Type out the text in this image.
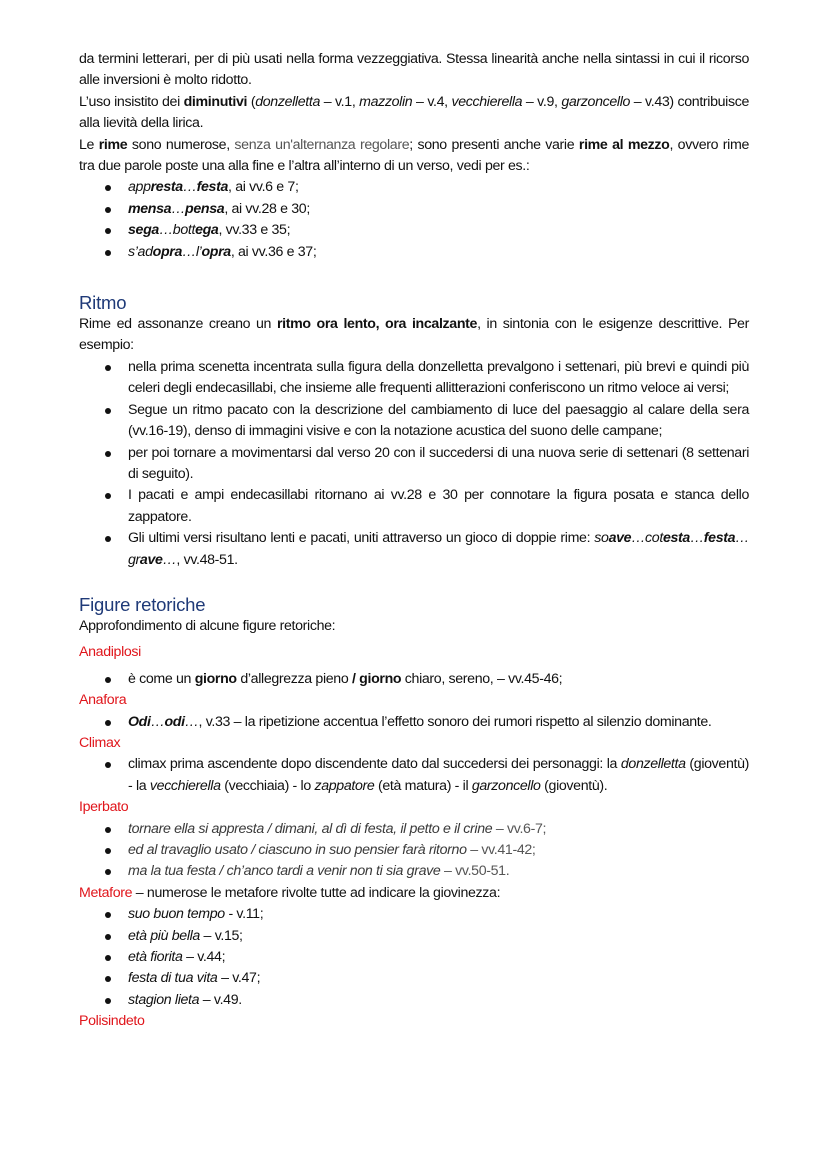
da termini letterari, per di più usati nella forma vezzeggiativa. Stessa linearità anche nella sintassi in cui il ricorso alle inversioni è molto ridotto.

L’uso insistito dei diminutivi (donzelletta – v.1, mazzolin – v.4, vecchierella – v.9, garzoncello – v.43) contribuisce alla lievità della lirica.

Le rime sono numerose, senza un'alternanza regolare; sono presenti anche varie rime al mezzo, ovvero rime tra due parole poste una alla fine e l’altra all’interno di un verso, vedi per es.:

appresta…festa, ai vv.6 e 7;
mensa…pensa, ai vv.28 e 30;
sega…bottega, vv.33 e 35;
s’adopra…l’opra, ai vv.36 e 37;
Ritmo

Rime ed assonanze creano un ritmo ora lento, ora incalzante, in sintonia con le esigenze descrittive. Per esempio:

nella prima scenetta incentrata sulla figura della donzelletta prevalgono i settenari, più brevi e quindi più celeri degli endecasillabi, che insieme alle frequenti allitterazioni conferiscono un ritmo veloce ai versi;
Segue un ritmo pacato con la descrizione del cambiamento di luce del paesaggio al calare della sera (vv.16-19), denso di immagini visive e con la notazione acustica del suono delle campane;
per poi tornare a movimentarsi dal verso 20 con il succedersi di una nuova serie di settenari (8 settenari di seguito).
I pacati e ampi endecasillabi ritornano ai vv.28 e 30 per connotare la figura posata e stanca dello zappatore.
Gli ultimi versi risultano lenti e pacati, uniti attraverso un gioco di doppie rime: soave…cotesta…festa…grave…, vv.48-51.
Figure retoriche

Approfondimento di alcune figure retoriche:

Anadiplosi

è come un giorno d’allegrezza pieno / giorno chiaro, sereno, – vv.45-46;

Anafora

Odi…odi…, v.33 – la ripetizione accentua l’effetto sonoro dei rumori rispetto al silenzio dominante.

Climax

climax prima ascendente dopo discendente dato dal succedersi dei personaggi: la donzelletta (gioventù) - la vecchierella (vecchiaia) - lo zappatore (età matura) - il garzoncello (gioventù).

Iperbato

tornare ella si appresta / dimani, al dì di festa, il petto e il crine – vv.6-7;
ed al travaglio usato / ciascuno in suo pensier farà ritorno – vv.41-42;
ma la tua festa / ch’anco tardi a venir non ti sia grave – vv.50-51.

Metafore – numerose le metafore rivolte tutte ad indicare la giovinezza:

suo buon tempo - v.11;
età più bella – v.15;
età fiorita – v.44;
festa di tua vita – v.47;
stagion lieta – v.49.

Polisindeto
